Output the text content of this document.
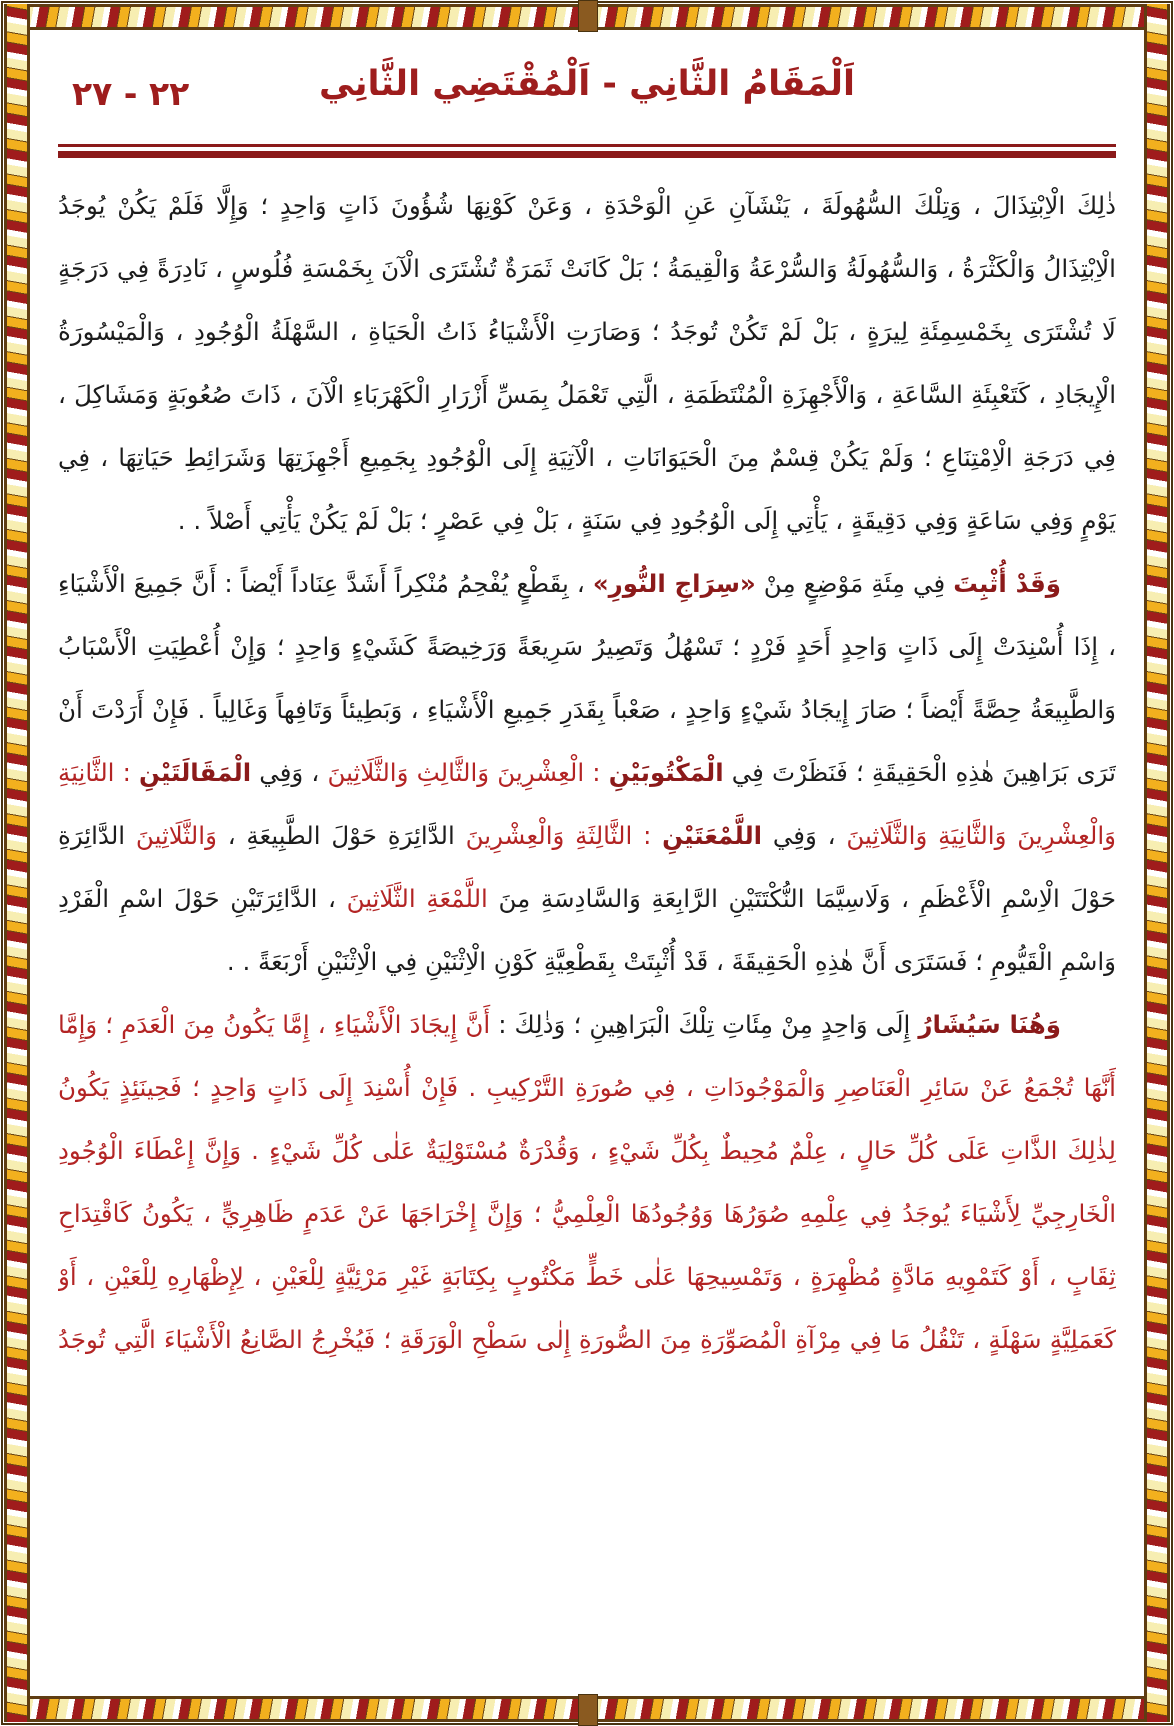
٢٢ - ٢٧	اَلْمَقَامُ الثَّانِي - اَلْمُقْتَضِي الثَّانِي

ذٰلِكَ الْاِبْتِذَالَ ، وَتِلْكَ السُّهُولَةَ ، يَنْشَآنِ عَنِ الْوَحْدَةِ ، وَعَنْ كَوْنِهَا شُؤُونَ ذَاتٍ وَاحِدٍ ؛ وَإِلَّا فَلَمْ يَكُنْ يُوجَدُ الْاِبْتِذَالُ وَالْكَثْرَةُ ، وَالسُّهُولَةُ وَالسُّرْعَةُ وَالْقِيمَةُ ؛ بَلْ كَانَتْ ثَمَرَةٌ تُشْتَرَى الْآنَ بِخَمْسَةِ فُلُوسٍ ، نَادِرَةً فِي دَرَجَةٍ لَا تُشْتَرَى بِخَمْسِمِئَةِ لِيرَةٍ ، بَلْ لَمْ تَكُنْ تُوجَدُ ؛ وَصَارَتِ الْأَشْيَاءُ ذَاتُ الْحَيَاةِ ، السَّهْلَةُ الْوُجُودِ ، وَالْمَيْسُورَةُ الْإِيجَادِ ، كَتَعْبِئَةِ السَّاعَةِ ، وَالْأَجْهِزَةِ الْمُنْتَظَمَةِ ، الَّتِي تَعْمَلُ بِمَسِّ أَزْرَارِ الْكَهْرَبَاءِ الْآنَ ، ذَاتَ صُعُوبَةٍ وَمَشَاكِلَ ، فِي دَرَجَةِ الْاِمْتِنَاعِ ؛ وَلَمْ يَكُنْ قِسْمٌ مِنَ الْحَيَوَانَاتِ ، الْآتِيَةِ إِلَى الْوُجُودِ بِجَمِيعِ أَجْهِزَتِهَا وَشَرَائِطِ حَيَاتِهَا ، فِي يَوْمٍ وَفِي سَاعَةٍ وَفِي دَقِيقَةٍ ، يَأْتِي إِلَى الْوُجُودِ فِي سَنَةٍ ، بَلْ فِي عَصْرٍ ؛ بَلْ لَمْ يَكُنْ يَأْتِي أَصْلاً . .

وَقَدْ أُثْبِتَ فِي مِئَةِ مَوْضِعٍ مِنْ «سِرَاجِ النُّورِ» ، بِقَطْعٍ يُفْحِمُ مُنْكِراً أَشَدَّ عِنَاداً أَيْضاً : أَنَّ جَمِيعَ الْأَشْيَاءِ ، إِذَا أُسْنِدَتْ إِلَى ذَاتٍ وَاحِدٍ أَحَدٍ فَرْدٍ ؛ تَسْهُلُ وَتَصِيرُ سَرِيعَةً وَرَخِيصَةً كَشَيْءٍ وَاحِدٍ ؛ وَإِنْ أُعْطِيَتِ الْأَسْبَابُ وَالطَّبِيعَةُ حِصَّةً أَيْضاً ؛ صَارَ إِيجَادُ شَيْءٍ وَاحِدٍ ، صَعْباً بِقَدَرِ جَمِيعِ الْأَشْيَاءِ ، وَبَطِيئاً وَتَافِهاً وَغَالِياً . فَإِنْ أَرَدْتَ أَنْ تَرَى بَرَاهِينَ هٰذِهِ الْحَقِيقَةِ ؛ فَنَظَرْتَ فِي الْمَكْتُوبَيْنِ : الْعِشْرِينَ وَالثَّالِثِ وَالثَّلَاثِينَ ، وَفِي الْمَقَالَتَيْنِ : الثَّانِيَةِ وَالْعِشْرِينَ وَالثَّانِيَةِ وَالثَّلَاثِينَ ، وَفِي اللَّمْعَتَيْنِ : الثَّالِثَةِ وَالْعِشْرِينَ الدَّائِرَةِ حَوْلَ الطَّبِيعَةِ ، وَالثَّلَاثِينَ الدَّائِرَةِ حَوْلَ الْاِسْمِ الْأَعْظَمِ ، وَلَاسِيَّمَا النُّكْتَتَيْنِ الرَّابِعَةِ وَالسَّادِسَةِ مِنَ اللَّمْعَةِ الثَّلَاثِينَ ، الدَّائِرَتَيْنِ حَوْلَ اسْمِ الْفَرْدِ وَاسْمِ الْقَيُّومِ ؛ فَسَتَرَى أَنَّ هٰذِهِ الْحَقِيقَةَ ، قَدْ أُثْبِتَتْ بِقَطْعِيَّةِ كَوْنِ الْاِثْنَيْنِ فِي الْاِثْنَيْنِ أَرْبَعَةً . .

وَهُنَا سَيُشَارُ إِلَى وَاحِدٍ مِنْ مِئَاتِ تِلْكَ الْبَرَاهِينِ ؛ وَذٰلِكَ : أَنَّ إِيجَادَ الْأَشْيَاءِ ، إِمَّا يَكُونُ مِنَ الْعَدَمِ ؛ وَإِمَّا أَنَّهَا تُجْمَعُ عَنْ سَائِرِ الْعَنَاصِرِ وَالْمَوْجُودَاتِ ، فِي صُورَةِ التَّرْكِيبِ . فَإِنْ أُسْنِدَ إِلَى ذَاتٍ وَاحِدٍ ؛ فَحِينَئِذٍ يَكُونُ لِذٰلِكَ الذَّاتِ عَلَى كُلِّ حَالٍ ، عِلْمٌ مُحِيطٌ بِكُلِّ شَيْءٍ ، وَقُدْرَةٌ مُسْتَوْلِيَةٌ عَلٰى كُلِّ شَيْءٍ . وَإِنَّ إِعْطَاءَ الْوُجُودِ الْخَارِجِيِّ لِأَشْيَاءَ يُوجَدُ فِي عِلْمِهِ صُوَرُهَا وَوُجُودُهَا الْعِلْمِيُّ ؛ وَإِنَّ إِخْرَاجَهَا عَنْ عَدَمٍ ظَاهِرِيٍّ ، يَكُونُ كَاقْتِدَاحِ ثِقَابٍ ، أَوْ كَتَمْوِيهِ مَادَّةٍ مُظْهِرَةٍ ، وَتَمْسِيحِهَا عَلٰى خَطٍّ مَكْتُوبٍ بِكِتَابَةٍ غَيْرِ مَرْئِيَّةٍ لِلْعَيْنِ ، لِإِظْهَارِهِ لِلْعَيْنِ ، أَوْ كَعَمَلِيَّةٍ سَهْلَةٍ ، تَنْقُلُ مَا فِي مِرْآةِ الْمُصَوِّرَةِ مِنَ الصُّورَةِ إِلٰى سَطْحِ الْوَرَقَةِ ؛ فَيُخْرِجُ الصَّانِعُ الْأَشْيَاءَ الَّتِي تُوجَدُ
